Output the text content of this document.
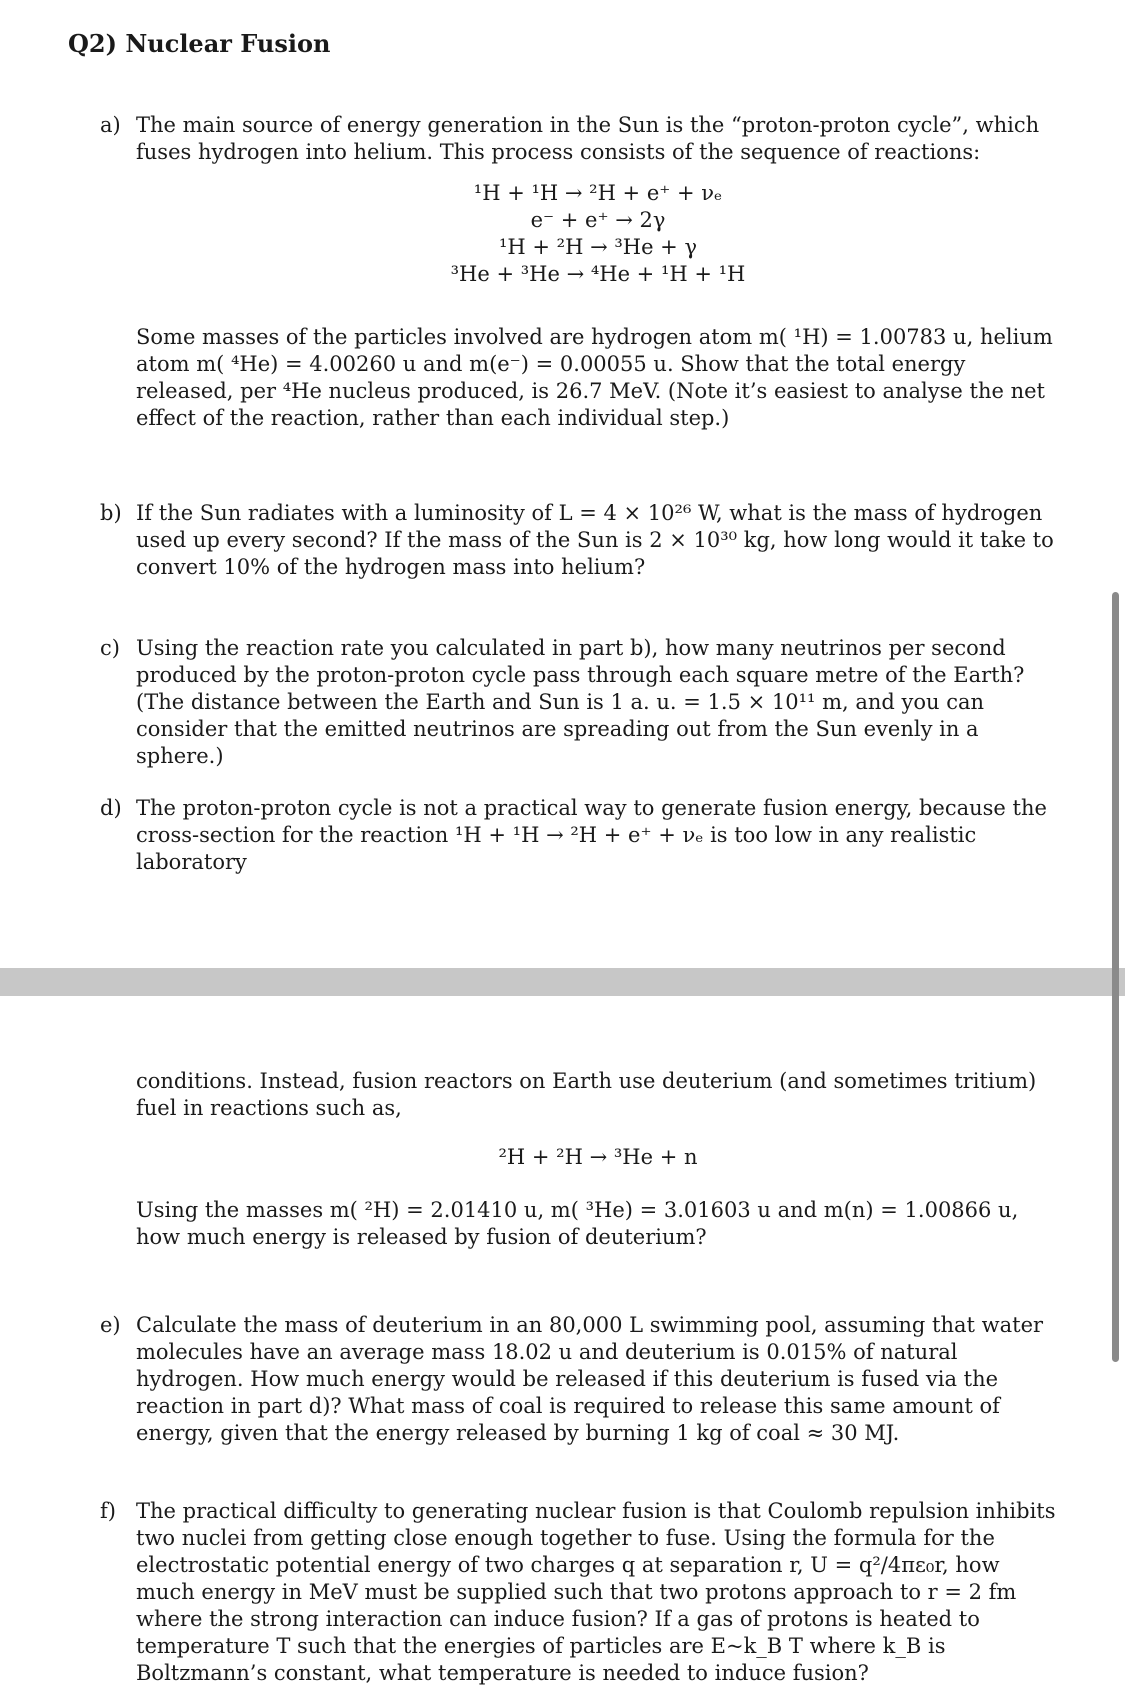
Q2) Nuclear Fusion
a) The main source of energy generation in the Sun is the “proton-proton cycle”, which fuses hydrogen into helium. This process consists of the sequence of reactions:

¹H + ¹H → ²H + e⁺ + νₑ
e⁻ + e⁺ → 2γ
¹H + ²H → ³He + γ
³He + ³He → ⁴He + ¹H + ¹H

Some masses of the particles involved are hydrogen atom m( ¹H) = 1.00783 u, helium atom m( ⁴He) = 4.00260 u and m(e⁻) = 0.00055 u. Show that the total energy released, per ⁴He nucleus produced, is 26.7 MeV. (Note it’s easiest to analyse the net effect of the reaction, rather than each individual step.)

b) If the Sun radiates with a luminosity of L = 4 × 10²⁶ W, what is the mass of hydrogen used up every second? If the mass of the Sun is 2 × 10³⁰ kg, how long would it take to convert 10% of the hydrogen mass into helium?

c) Using the reaction rate you calculated in part b), how many neutrinos per second produced by the proton-proton cycle pass through each square metre of the Earth? (The distance between the Earth and Sun is 1 a. u. = 1.5 × 10¹¹ m, and you can consider that the emitted neutrinos are spreading out from the Sun evenly in a sphere.)

d) The proton-proton cycle is not a practical way to generate fusion energy, because the cross-section for the reaction ¹H + ¹H → ²H + e⁺ + νₑ is too low in any realistic laboratory

conditions. Instead, fusion reactors on Earth use deuterium (and sometimes tritium) fuel in reactions such as,

²H + ²H → ³He + n

Using the masses m( ²H) = 2.01410 u, m( ³He) = 3.01603 u and m(n) = 1.00866 u, how much energy is released by fusion of deuterium?

e) Calculate the mass of deuterium in an 80,000 L swimming pool, assuming that water molecules have an average mass 18.02 u and deuterium is 0.015% of natural hydrogen. How much energy would be released if this deuterium is fused via the reaction in part d)? What mass of coal is required to release this same amount of energy, given that the energy released by burning 1 kg of coal ≈ 30 MJ.

f) The practical difficulty to generating nuclear fusion is that Coulomb repulsion inhibits two nuclei from getting close enough together to fuse. Using the formula for the electrostatic potential energy of two charges q at separation r, U = q²/4πε₀r, how much energy in MeV must be supplied such that two protons approach to r = 2 fm where the strong interaction can induce fusion? If a gas of protons is heated to temperature T such that the energies of particles are E~k_B T where k_B is Boltzmann’s constant, what temperature is needed to induce fusion?
